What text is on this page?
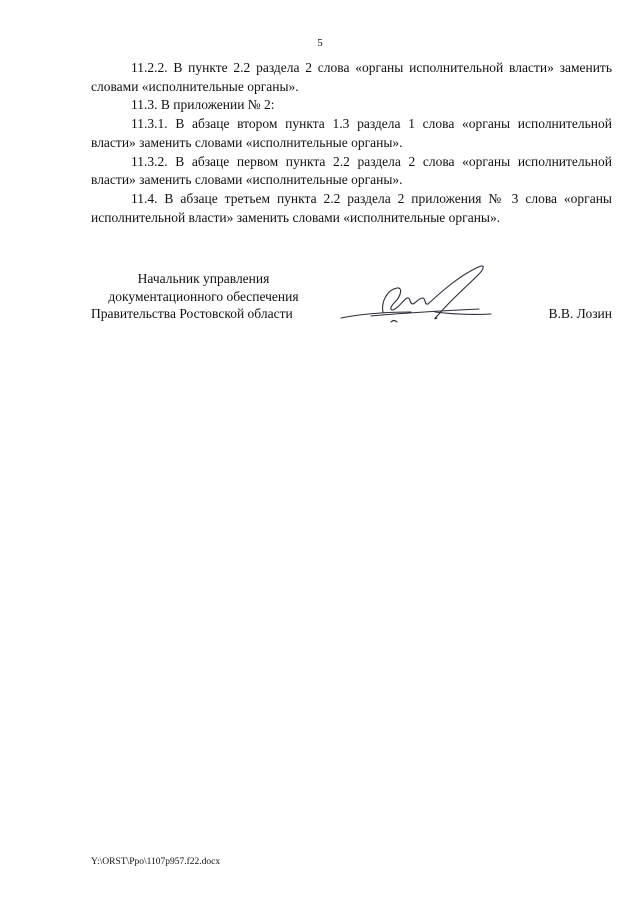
5

11.2.2. В пункте 2.2 раздела 2 слова «органы исполнительной власти» заменить словами «исполнительные органы».

11.3. В приложении № 2:

11.3.1. В абзаце втором пункта 1.3 раздела 1 слова «органы исполнительной власти» заменить словами «исполнительные органы».

11.3.2. В абзаце первом пункта 2.2 раздела 2 слова «органы исполнительной власти» заменить словами «исполнительные органы».

11.4. В абзаце третьем пункта 2.2 раздела 2 приложения № 3 слова «органы исполнительной власти» заменить словами «исполнительные органы».

Начальник управления
документационного обеспечения
Правительства Ростовской области	В.В. Лозин
Y:\ORST\Ppo\1107p957.f22.docx
